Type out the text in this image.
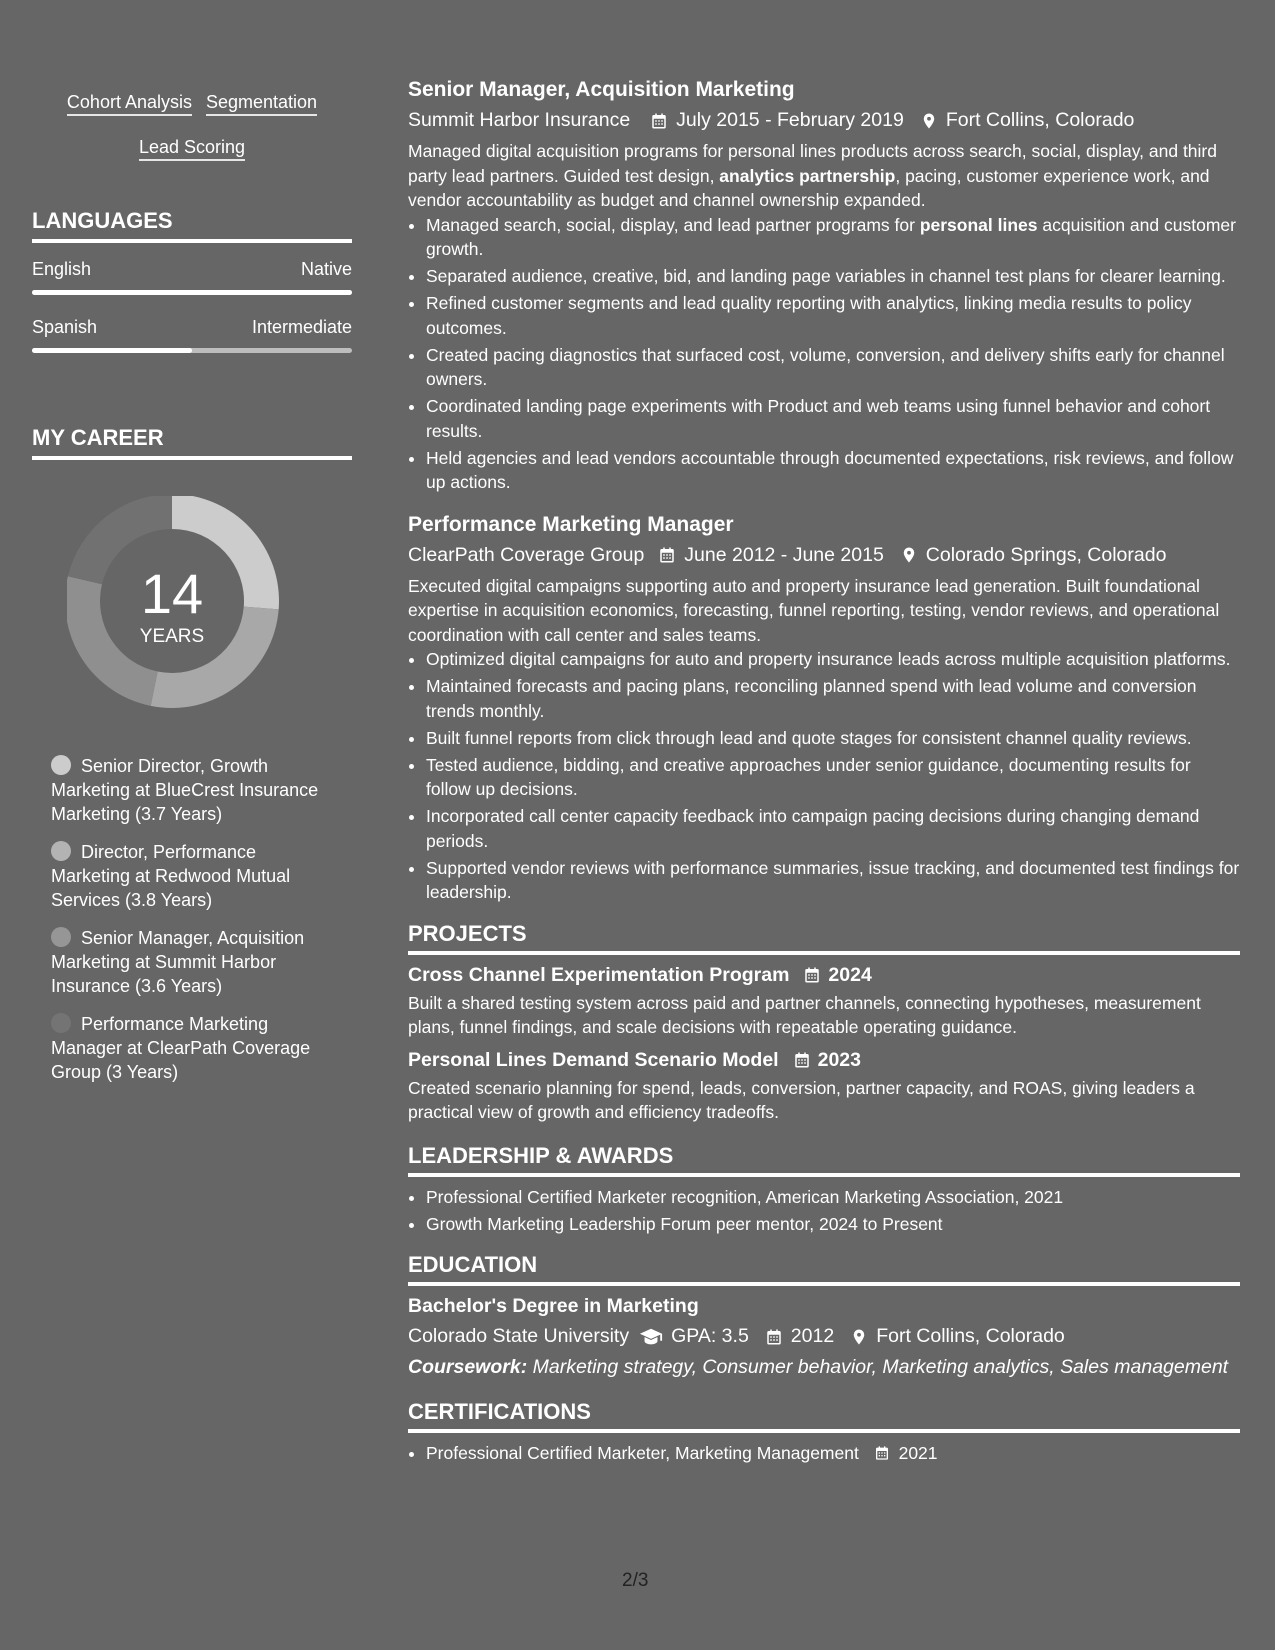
Cohort Analysis Segmentation
Lead Scoring
LANGUAGES
English	Native
Spanish	Intermediate
MY CAREER
14
YEARS
Senior Director, Growth Marketing at BlueCrest Insurance Marketing (3.7 Years)
Director, Performance Marketing at Redwood Mutual Services (3.8 Years)
Senior Manager, Acquisition Marketing at Summit Harbor Insurance (3.6 Years)
Performance Marketing Manager at ClearPath Coverage Group (3 Years)
Senior Manager, Acquisition Marketing
Summit Harbor Insurance July 2015 - February 2019 Fort Collins, Colorado
Managed digital acquisition programs for personal lines products across search, social, display, and third party lead partners. Guided test design, analytics partnership, pacing, customer experience work, and vendor accountability as budget and channel ownership expanded.
• Managed search, social, display, and lead partner programs for personal lines acquisition and customer growth.
• Separated audience, creative, bid, and landing page variables in channel test plans for clearer learning.
• Refined customer segments and lead quality reporting with analytics, linking media results to policy outcomes.
• Created pacing diagnostics that surfaced cost, volume, conversion, and delivery shifts early for channel owners.
• Coordinated landing page experiments with Product and web teams using funnel behavior and cohort results.
• Held agencies and lead vendors accountable through documented expectations, risk reviews, and follow up actions.
Performance Marketing Manager
ClearPath Coverage Group June 2012 - June 2015 Colorado Springs, Colorado
Executed digital campaigns supporting auto and property insurance lead generation. Built foundational expertise in acquisition economics, forecasting, funnel reporting, testing, vendor reviews, and operational coordination with call center and sales teams.
• Optimized digital campaigns for auto and property insurance leads across multiple acquisition platforms.
• Maintained forecasts and pacing plans, reconciling planned spend with lead volume and conversion trends monthly.
• Built funnel reports from click through lead and quote stages for consistent channel quality reviews.
• Tested audience, bidding, and creative approaches under senior guidance, documenting results for follow up decisions.
• Incorporated call center capacity feedback into campaign pacing decisions during changing demand periods.
• Supported vendor reviews with performance summaries, issue tracking, and documented test findings for leadership.
PROJECTS
Cross Channel Experimentation Program 2024
Built a shared testing system across paid and partner channels, connecting hypotheses, measurement plans, funnel findings, and scale decisions with repeatable operating guidance.
Personal Lines Demand Scenario Model 2023
Created scenario planning for spend, leads, conversion, partner capacity, and ROAS, giving leaders a practical view of growth and efficiency tradeoffs.
LEADERSHIP & AWARDS
• Professional Certified Marketer recognition, American Marketing Association, 2021
• Growth Marketing Leadership Forum peer mentor, 2024 to Present
EDUCATION
Bachelor's Degree in Marketing
Colorado State University GPA: 3.5 2012 Fort Collins, Colorado
Coursework: Marketing strategy, Consumer behavior, Marketing analytics, Sales management
CERTIFICATIONS
• Professional Certified Marketer, Marketing Management 2021
2/3
